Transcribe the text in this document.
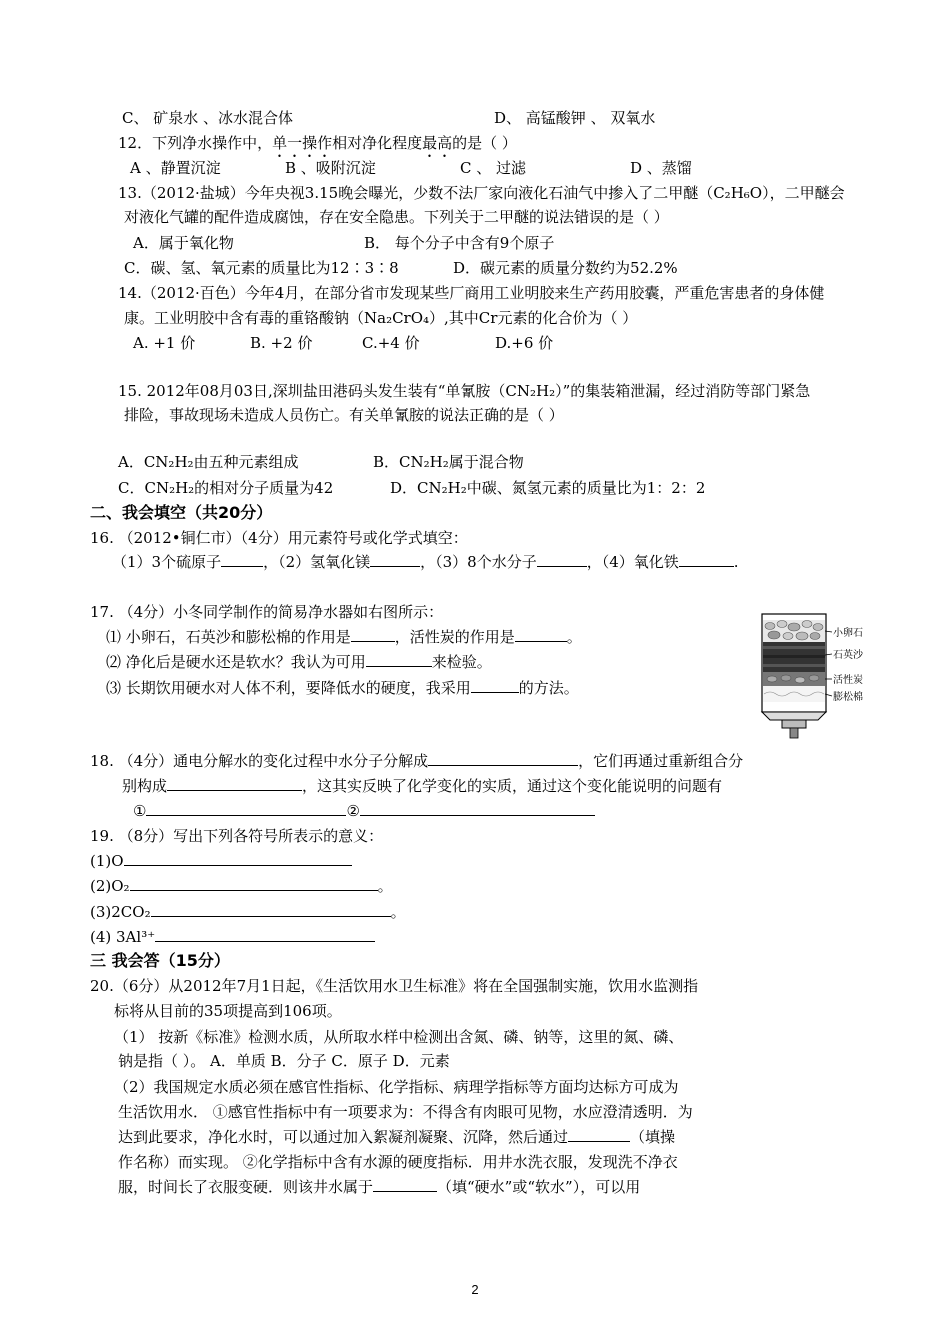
C、 矿泉水 、冰水混合体	D、 高锰酸钾 、 双氧水
12．下列净水操作中，单一操作相对净化程度最高的是（ ）
A 、静置沉淀	B 、吸附沉淀	C 、 过滤	D 、蒸馏
13.（2012·盐城）今年央视3.15晚会曝光，少数不法厂家向液化石油气中掺入了二甲醚（C₂H₆O），二甲醚会
对液化气罐的配件造成腐蚀，存在安全隐患。下列关于二甲醚的说法错误的是（ ）
A．属于氧化物	B． 每个分子中含有9个原子
C．碳、氢、氧元素的质量比为12∶3∶8	D．碳元素的质量分数约为52.2%
14.（2012·百色）今年4月，在部分省市发现某些厂商用工业明胶来生产药用胶囊，严重危害患者的身体健
康。工业明胶中含有毒的重铬酸钠（Na₂CrO₄）,其中Cr元素的化合价为（ ）
A. +1 价	B. +2 价	C.+4 价	D.+6 价
15. 2012年08月03日,深圳盐田港码头发生装有“单氰胺（CN₂H₂）”的集装箱泄漏，经过消防等部门紧急
排险，事故现场未造成人员伤亡。有关单氰胺的说法正确的是（ ）
A．CN₂H₂由五种元素组成	B．CN₂H₂属于混合物
C．CN₂H₂的相对分子质量为42	D．CN₂H₂中碳、氮氢元素的质量比为1：2：2
二、我会填空（共20分）
16. （2012•铜仁市）（4分）用元素符号或化学式填空：
（1）3个硫原子	，（2）氢氧化镁	，（3）8个水分子	，（4）氧化铁	.
17. （4分）小冬同学制作的简易净水器如右图所示：
⑴ 小卵石，石英沙和膨松棉的作用是	，活性炭的作用是	。
⑵ 净化后是硬水还是软水？我认为可用	来检验。
⑶ 长期饮用硬水对人体不利，要降低水的硬度，我采用	的方法。
小卵石
石英沙
活性炭
膨松棉
18. （4分）通电分解水的变化过程中水分子分解成	，它们再通过重新组合分
别构成	，这其实反映了化学变化的实质，通过这个变化能说明的问题有
①	②
19. （8分）写出下列各符号所表示的意义：
(1)O
(2)O₂	。
(3)2CO₂	。
(4) 3Al³⁺
三 我会答（15分）
20.（6分）从2012年7月1日起，《生活饮用水卫生标准》将在全国强制实施，饮用水监测指
标将从目前的35项提高到106项。
（1） 按新《标准》检测水质，从所取水样中检测出含氮、磷、钠等，这里的氮、磷、
钠是指（ ）。 A．单质 B．分子 C．原子 D．元素
（2）我国规定水质必须在感官性指标、化学指标、病理学指标等方面均达标方可成为
生活饮用水． ①感官性指标中有一项要求为：不得含有肉眼可见物，水应澄清透明．为
达到此要求，净化水时，可以通过加入絮凝剂凝聚、沉降，然后通过	（填操
作名称）而实现。 ②化学指标中含有水源的硬度指标．用井水洗衣服，发现洗不净衣
服，时间长了衣服变硬．则该井水属于	（填“硬水”或“软水”），可以用
2
